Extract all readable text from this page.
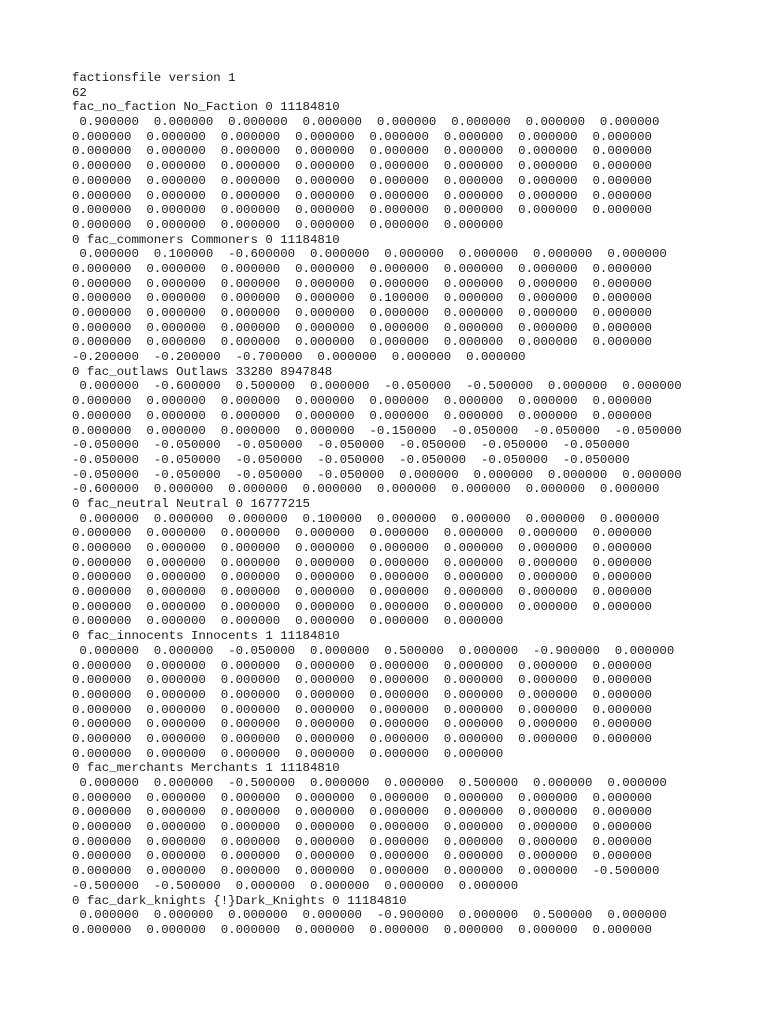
factionsfile version 1
62
fac_no_faction No_Faction 0 11184810
0.900000  0.000000  0.000000  0.000000  0.000000  0.000000  0.000000  0.000000
0.000000  0.000000  0.000000  0.000000  0.000000  0.000000  0.000000  0.000000
0.000000  0.000000  0.000000  0.000000  0.000000  0.000000  0.000000  0.000000
0.000000  0.000000  0.000000  0.000000  0.000000  0.000000  0.000000  0.000000
0.000000  0.000000  0.000000  0.000000  0.000000  0.000000  0.000000  0.000000
0.000000  0.000000  0.000000  0.000000  0.000000  0.000000  0.000000  0.000000
0.000000  0.000000  0.000000  0.000000  0.000000  0.000000  0.000000  0.000000
0.000000  0.000000  0.000000  0.000000  0.000000  0.000000
0 fac_commoners Commoners 0 11184810
0.000000  0.100000  -0.600000  0.000000  0.000000  0.000000  0.000000  0.000000
0.000000  0.000000  0.000000  0.000000  0.000000  0.000000  0.000000  0.000000
0.000000  0.000000  0.000000  0.000000  0.000000  0.000000  0.000000  0.000000
0.000000  0.000000  0.000000  0.000000  0.100000  0.000000  0.000000  0.000000
0.000000  0.000000  0.000000  0.000000  0.000000  0.000000  0.000000  0.000000
0.000000  0.000000  0.000000  0.000000  0.000000  0.000000  0.000000  0.000000
0.000000  0.000000  0.000000  0.000000  0.000000  0.000000  0.000000  0.000000
-0.200000  -0.200000  -0.700000  0.000000  0.000000  0.000000
0 fac_outlaws Outlaws 33280 8947848
0.000000  -0.600000  0.500000  0.000000  -0.050000  -0.500000  0.000000  0.000000
0.000000  0.000000  0.000000  0.000000  0.000000  0.000000  0.000000  0.000000
0.000000  0.000000  0.000000  0.000000  0.000000  0.000000  0.000000  0.000000
0.000000  0.000000  0.000000  0.000000  -0.150000  -0.050000  -0.050000  -0.050000
-0.050000  -0.050000  -0.050000  -0.050000  -0.050000  -0.050000  -0.050000
-0.050000  -0.050000  -0.050000  -0.050000  -0.050000  -0.050000  -0.050000
-0.050000  -0.050000  -0.050000  -0.050000  0.000000  0.000000  0.000000  0.000000
-0.600000  0.000000  0.000000  0.000000  0.000000  0.000000  0.000000  0.000000
0 fac_neutral Neutral 0 16777215
0.000000  0.000000  0.000000  0.100000  0.000000  0.000000  0.000000  0.000000
0.000000  0.000000  0.000000  0.000000  0.000000  0.000000  0.000000  0.000000
0.000000  0.000000  0.000000  0.000000  0.000000  0.000000  0.000000  0.000000
0.000000  0.000000  0.000000  0.000000  0.000000  0.000000  0.000000  0.000000
0.000000  0.000000  0.000000  0.000000  0.000000  0.000000  0.000000  0.000000
0.000000  0.000000  0.000000  0.000000  0.000000  0.000000  0.000000  0.000000
0.000000  0.000000  0.000000  0.000000  0.000000  0.000000  0.000000  0.000000
0.000000  0.000000  0.000000  0.000000  0.000000  0.000000
0 fac_innocents Innocents 1 11184810
0.000000  0.000000  -0.050000  0.000000  0.500000  0.000000  -0.900000  0.000000
0.000000  0.000000  0.000000  0.000000  0.000000  0.000000  0.000000  0.000000
0.000000  0.000000  0.000000  0.000000  0.000000  0.000000  0.000000  0.000000
0.000000  0.000000  0.000000  0.000000  0.000000  0.000000  0.000000  0.000000
0.000000  0.000000  0.000000  0.000000  0.000000  0.000000  0.000000  0.000000
0.000000  0.000000  0.000000  0.000000  0.000000  0.000000  0.000000  0.000000
0.000000  0.000000  0.000000  0.000000  0.000000  0.000000  0.000000  0.000000
0.000000  0.000000  0.000000  0.000000  0.000000  0.000000
0 fac_merchants Merchants 1 11184810
0.000000  0.000000  -0.500000  0.000000  0.000000  0.500000  0.000000  0.000000
0.000000  0.000000  0.000000  0.000000  0.000000  0.000000  0.000000  0.000000
0.000000  0.000000  0.000000  0.000000  0.000000  0.000000  0.000000  0.000000
0.000000  0.000000  0.000000  0.000000  0.000000  0.000000  0.000000  0.000000
0.000000  0.000000  0.000000  0.000000  0.000000  0.000000  0.000000  0.000000
0.000000  0.000000  0.000000  0.000000  0.000000  0.000000  0.000000  0.000000
0.000000  0.000000  0.000000  0.000000  0.000000  0.000000  0.000000  -0.500000
-0.500000  -0.500000  0.000000  0.000000  0.000000  0.000000
0 fac_dark_knights {!}Dark_Knights 0 11184810
0.000000  0.000000  0.000000  0.000000  -0.900000  0.000000  0.500000  0.000000
0.000000  0.000000  0.000000  0.000000  0.000000  0.000000  0.000000  0.000000
